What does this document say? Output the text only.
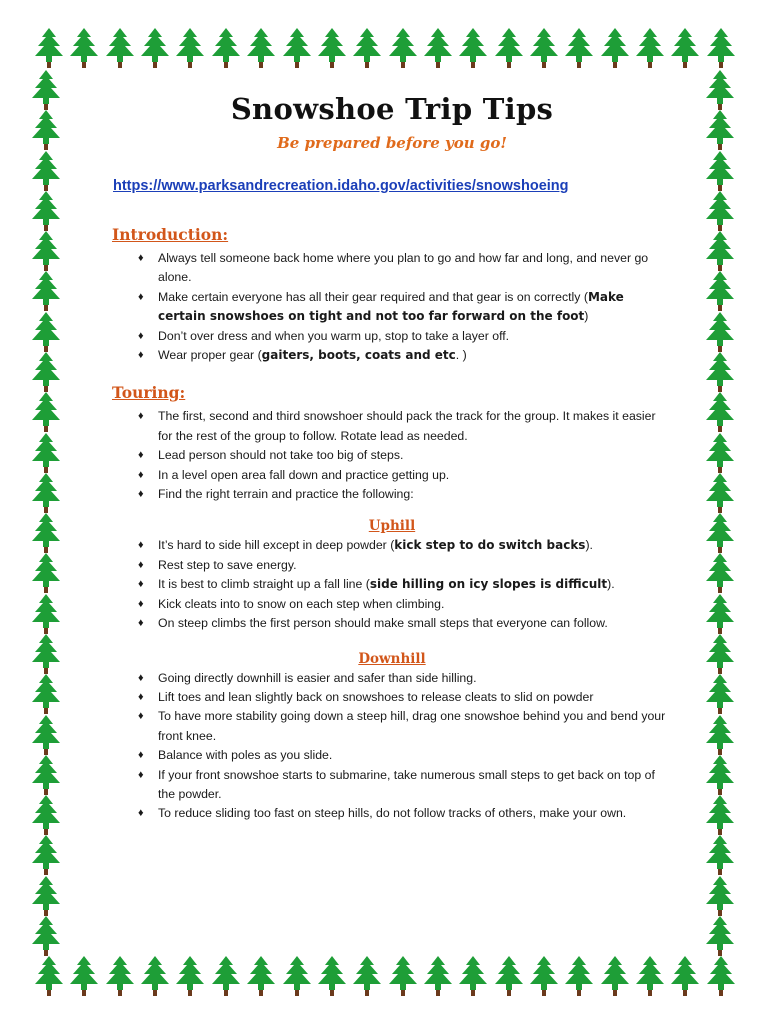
Snowshoe Trip Tips
Be prepared before you go!
https://www.parksandrecreation.idaho.gov/activities/snowshoeing
Introduction:
♦ Always tell someone back home where you plan to go and how far and long, and never go alone.
♦ Make certain everyone has all their gear required and that gear is on correctly (Make certain snowshoes on tight and not too far forward on the foot)
♦ Don’t over dress and when you warm up, stop to take a layer off.
♦ Wear proper gear (gaiters, boots, coats and etc. )
Touring:
♦ The first, second and third snowshoer should pack the track for the group. It makes it easier for the rest of the group to follow. Rotate lead as needed.
♦ Lead person should not take too big of steps.
♦ In a level open area fall down and practice getting up.
♦ Find the right terrain and practice the following:
Uphill
♦ It’s hard to side hill except in deep powder (kick step to do switch backs).
♦ Rest step to save energy.
♦ It is best to climb straight up a fall line (side hilling on icy slopes is difficult).
♦ Kick cleats into to snow on each step when climbing.
♦ On steep climbs the first person should make small steps that everyone can follow.
Downhill
♦ Going directly downhill is easier and safer than side hilling.
♦ Lift toes and lean slightly back on snowshoes to release cleats to slid on powder
♦ To have more stability going down a steep hill, drag one snowshoe behind you and bend your front knee.
♦ Balance with poles as you slide.
♦ If your front snowshoe starts to submarine, take numerous small steps to get back on top of the powder.
♦ To reduce sliding too fast on steep hills, do not follow tracks of others, make your own.
